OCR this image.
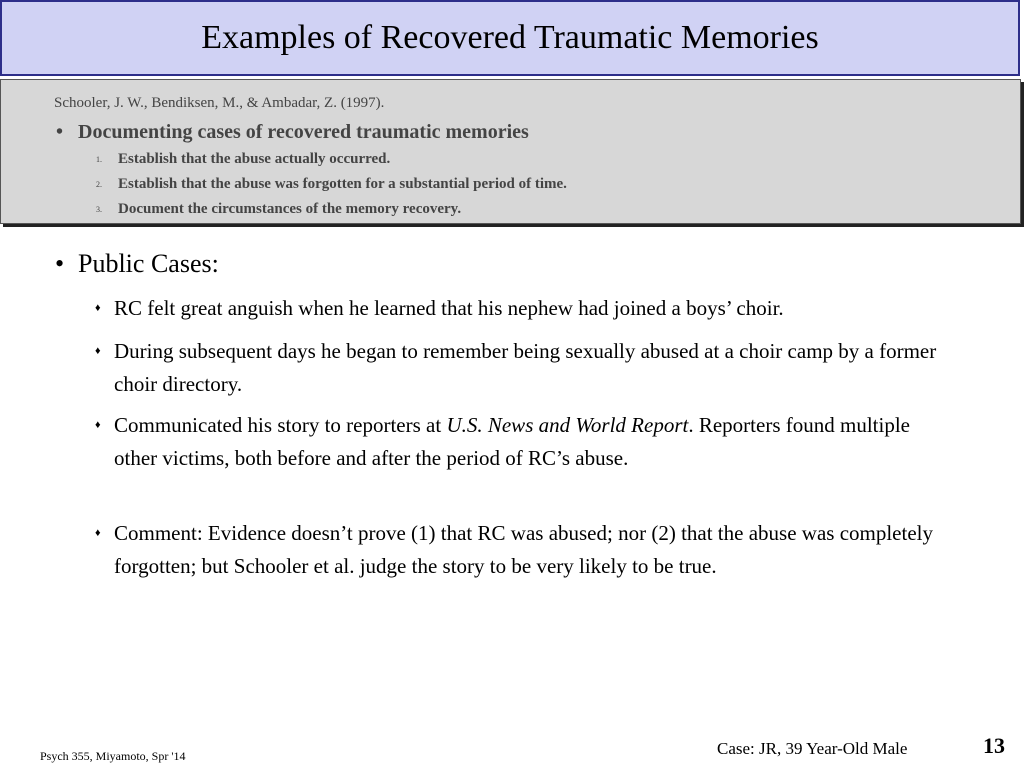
Examples of Recovered Traumatic Memories
Schooler, J. W., Bendiksen, M., & Ambadar, Z. (1997).
• Documenting cases of recovered traumatic memories
1. Establish that the abuse actually occurred.
2. Establish that the abuse was forgotten for a substantial period of time.
3. Document the circumstances of the memory recovery.
• Public Cases:
♦ RC felt great anguish when he learned that his nephew had joined a boys’ choir.
♦ During subsequent days he began to remember being sexually abused at a choir camp by a former choir directory.
♦ Communicated his story to reporters at U.S. News and World Report. Reporters found multiple other victims, both before and after the period of RC’s abuse.
♦ Comment: Evidence doesn’t prove (1) that RC was abused; nor (2) that the abuse was completely forgotten; but Schooler et al. judge the story to be very likely to be true.
Psych 355, Miyamoto, Spr '14	Case: JR, 39 Year-Old Male	13
